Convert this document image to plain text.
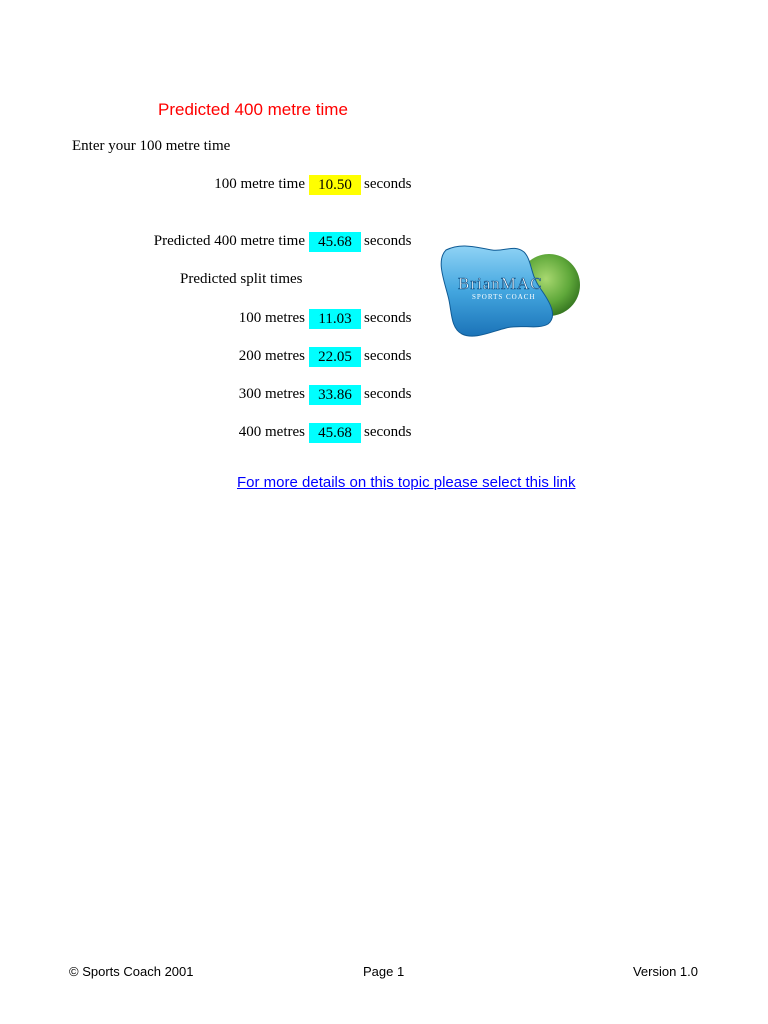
Predicted 400 metre time
Enter your 100 metre time
100 metre time 10.50 seconds
Predicted 400 metre time 45.68 seconds
Predicted split times
100 metres 11.03 seconds
200 metres 22.05 seconds
300 metres 33.86 seconds
400 metres 45.68 seconds
BrianMAC
SPORTS COACH
For more details on this topic please select this link
© Sports Coach 2001	Page 1	Version 1.0
